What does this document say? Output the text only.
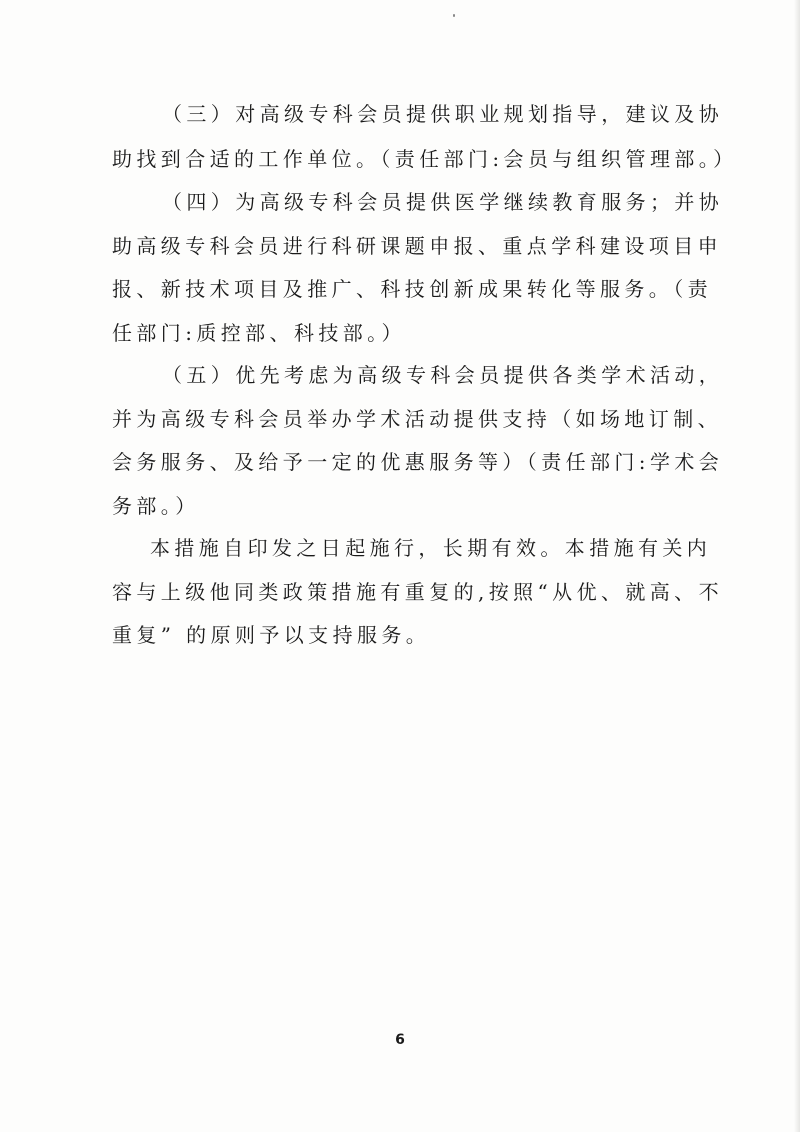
（三）对高级专科会员提供职业规划指导，建议及协
助找到合适的工作单位。（责任部门:会员与组织管理部。）
（四）为高级专科会员提供医学继续教育服务；并协
助高级专科会员进行科研课题申报、重点学科建设项目申
报、新技术项目及推广、科技创新成果转化等服务。（责
任部门:质控部、科技部。）
（五）优先考虑为高级专科会员提供各类学术活动，
并为高级专科会员举办学术活动提供支持（如场地订制、
会务服务、及给予一定的优惠服务等）（责任部门:学术会
务部。）
本措施自印发之日起施行，长期有效。本措施有关内
容与上级他同类政策措施有重复的,按照“从优、就高、不
重复” 的原则予以支持服务。
6
